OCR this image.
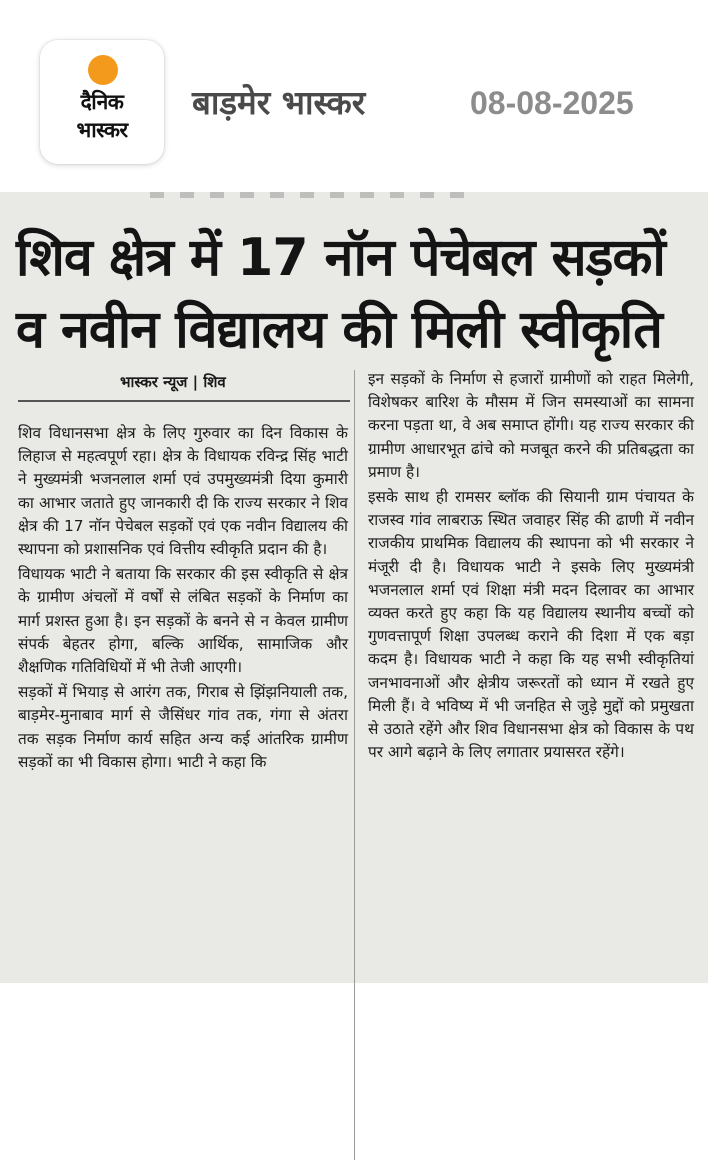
दैनिक
भास्कर
बाड़मेर भास्कर	08-08-2025
शिव क्षेत्र में 17 नॉन पेचेबल सड़कों
व नवीन विद्यालय की मिली स्वीकृति
भास्कर न्यूज | शिव

शिव विधानसभा क्षेत्र के लिए गुरुवार का दिन विकास के लिहाज से महत्वपूर्ण रहा। क्षेत्र के विधायक रविन्द्र सिंह भाटी ने मुख्यमंत्री भजनलाल शर्मा एवं उपमुख्यमंत्री दिया कुमारी का आभार जताते हुए जानकारी दी कि राज्य सरकार ने शिव क्षेत्र की 17 नॉन पेचेबल सड़कों एवं एक नवीन विद्यालय की स्थापना को प्रशासनिक एवं वित्तीय स्वीकृति प्रदान की है।

विधायक भाटी ने बताया कि सरकार की इस स्वीकृति से क्षेत्र के ग्रामीण अंचलों में वर्षों से लंबित सड़कों के निर्माण का मार्ग प्रशस्त हुआ है। इन सड़कों के बनने से न केवल ग्रामीण संपर्क बेहतर होगा, बल्कि आर्थिक, सामाजिक और शैक्षणिक गतिविधियों में भी तेजी आएगी।

सड़कों में भियाड़ से आरंग तक, गिराब से झिंझनियाली तक, बाड़मेर-मुनाबाव मार्ग से जैसिंधर गांव तक, गंगा से अंतरा तक सड़क निर्माण कार्य सहित अन्य कई आंतरिक ग्रामीण सड़कों का भी विकास होगा। भाटी ने कहा कि

इन सड़कों के निर्माण से हजारों ग्रामीणों को राहत मिलेगी, विशेषकर बारिश के मौसम में जिन समस्याओं का सामना करना पड़ता था, वे अब समाप्त होंगी। यह राज्य सरकार की ग्रामीण आधारभूत ढांचे को मजबूत करने की प्रतिबद्धता का प्रमाण है।

इसके साथ ही रामसर ब्लॉक की सियानी ग्राम पंचायत के राजस्व गांव लाबराऊ स्थित जवाहर सिंह की ढाणी में नवीन राजकीय प्राथमिक विद्यालय की स्थापना को भी सरकार ने मंजूरी दी है। विधायक भाटी ने इसके लिए मुख्यमंत्री भजनलाल शर्मा एवं शिक्षा मंत्री मदन दिलावर का आभार व्यक्त करते हुए कहा कि यह विद्यालय स्थानीय बच्चों को गुणवत्तापूर्ण शिक्षा उपलब्ध कराने की दिशा में एक बड़ा कदम है। विधायक भाटी ने कहा कि यह सभी स्वीकृतियां जनभावनाओं और क्षेत्रीय जरूरतों को ध्यान में रखते हुए मिली हैं। वे भविष्य में भी जनहित से जुड़े मुद्दों को प्रमुखता से उठाते रहेंगे और शिव विधानसभा क्षेत्र को विकास के पथ पर आगे बढ़ाने के लिए लगातार प्रयासरत रहेंगे।
